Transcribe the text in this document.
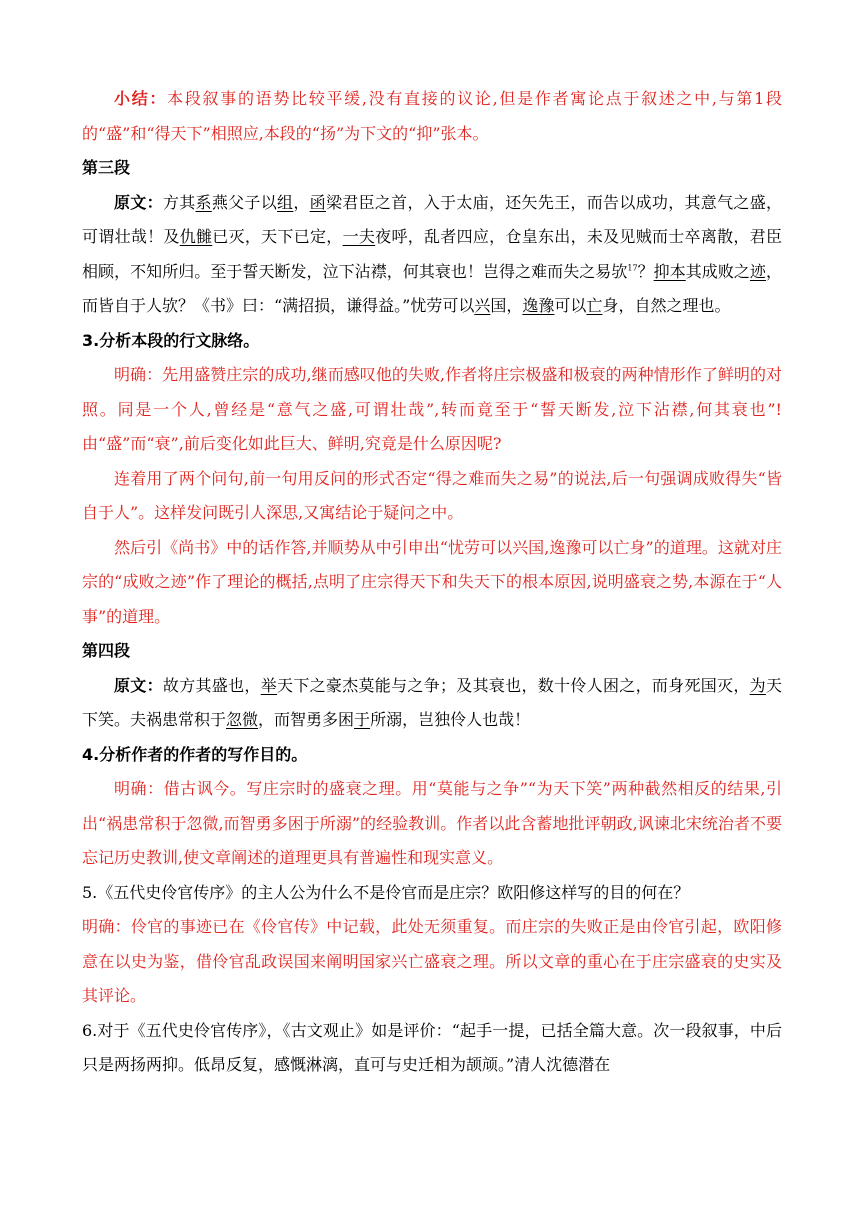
小结：本段叙事的语势比较平缓,没有直接的议论,但是作者寓论点于叙述之中,与第1段的“盛”和“得天下”相照应,本段的“扬”为下文的“抑”张本。

第三段

原文：方其系燕父子以组，函梁君臣之首，入于太庙，还矢先王，而告以成功，其意气之盛，可谓壮哉！及仇雠已灭，天下已定，一夫夜呼，乱者四应，仓皇东出，未及见贼而士卒离散，君臣相顾，不知所归。至于誓天断发，泣下沾襟，何其衰也！岂得之难而失之易欤$^{17}$？抑本其成败之迹，而皆自于人欤？《书》曰：“满招损，谦得益。”忧劳可以兴国，逸豫可以亡身，自然之理也。

3.分析本段的行文脉络。

明确：先用盛赞庄宗的成功,继而感叹他的失败,作者将庄宗极盛和极衰的两种情形作了鲜明的对照。同是一个人,曾经是“意气之盛,可谓壮哉”,转而竟至于“誓天断发,泣下沾襟,何其衰也”!由“盛”而“衰”,前后变化如此巨大、鲜明,究竟是什么原因呢?

连着用了两个问句,前一句用反问的形式否定“得之难而失之易”的说法,后一句强调成败得失“皆自于人”。这样发问既引人深思,又寓结论于疑问之中。

然后引《尚书》中的话作答,并顺势从中引申出“忧劳可以兴国,逸豫可以亡身”的道理。这就对庄宗的“成败之迹”作了理论的概括,点明了庄宗得天下和失天下的根本原因,说明盛衰之势,本源在于“人事”的道理。

第四段

原文：故方其盛也，举天下之豪杰莫能与之争；及其衰也，数十伶人困之，而身死国灭，为天下笑。夫祸患常积于忽微，而智勇多困于所溺，岂独伶人也哉！

4.分析作者的作者的写作目的。

明确：借古讽今。写庄宗时的盛衰之理。用“莫能与之争”“为天下笑”两种截然相反的结果,引出“祸患常积于忽微,而智勇多困于所溺”的经验教训。作者以此含蓄地批评朝政,讽谏北宋统治者不要忘记历史教训,使文章阐述的道理更具有普遍性和现实意义。

5.《五代史伶官传序》的主人公为什么不是伶官而是庄宗？欧阳修这样写的目的何在？

明确：伶官的事迹已在《伶官传》中记载，此处无须重复。而庄宗的失败正是由伶官引起，欧阳修意在以史为鉴，借伶官乱政误国来阐明国家兴亡盛衰之理。所以文章的重心在于庄宗盛衰的史实及其评论。

6.对于《五代史伶官传序》，《古文观止》如是评价：“起手一提，已括全篇大意。次一段叙事，中后只是两扬两抑。低昂反复，感慨淋漓，直可与史迁相为颉颃。”清人沈德潜在
